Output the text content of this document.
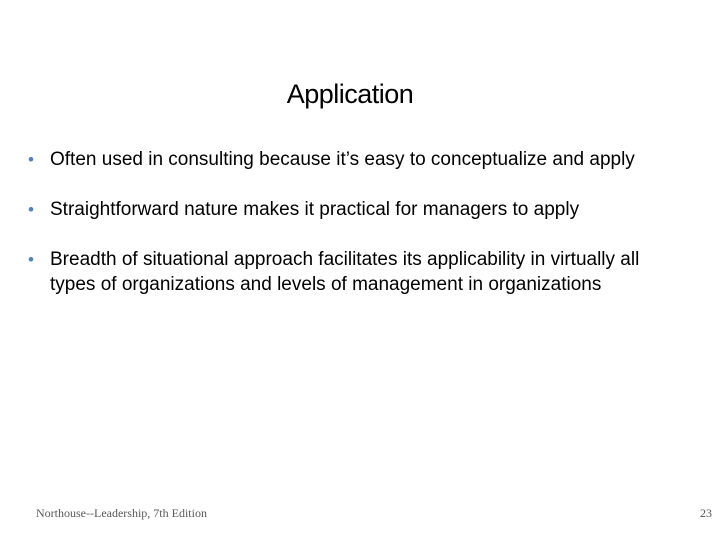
Application
• Often used in consulting because it’s easy to conceptualize and apply
• Straightforward nature makes it practical for managers to apply
• Breadth of situational approach facilitates its applicability in virtually all types of organizations and levels of management in organizations
Northouse--Leadership, 7th Edition	23
